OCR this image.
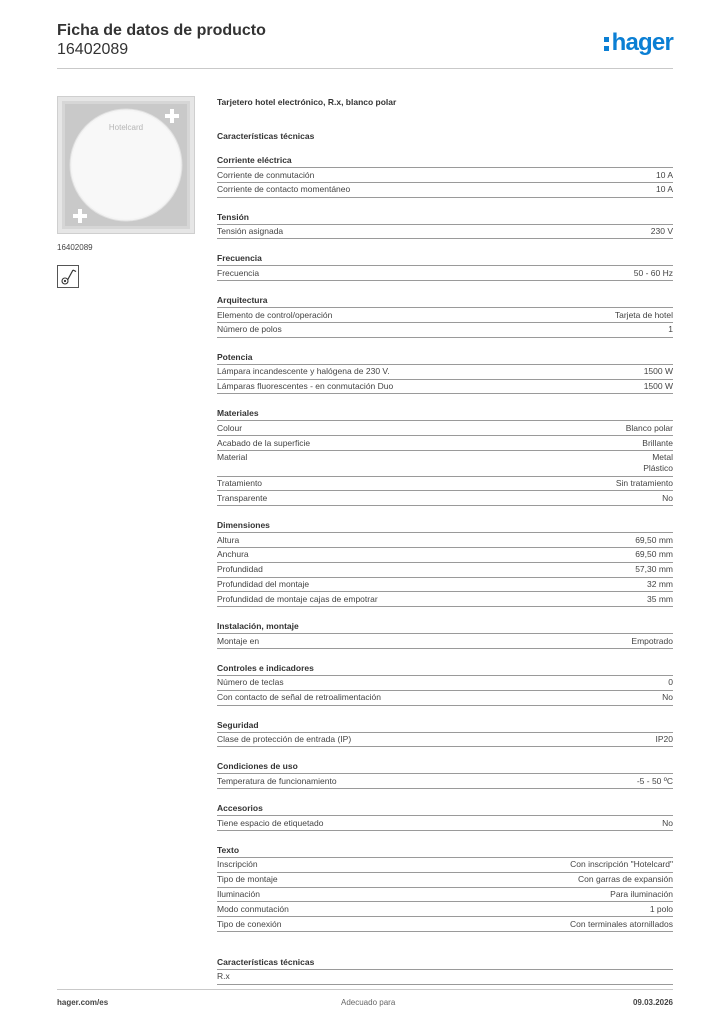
Ficha de datos de producto
16402089	hager
Hotelcard
16402089
Tarjetero hotel electrónico, R.x, blanco polar
Características técnicas
Corriente eléctrica
Corriente de conmutación	10 A
Corriente de contacto momentáneo	10 A
Tensión
Tensión asignada	230 V
Frecuencia
Frecuencia	50 - 60 Hz
Arquitectura
Elemento de control/operación	Tarjeta de hotel
Número de polos	1
Potencia
Lámpara incandescente y halógena de 230 V.	1500 W
Lámparas fluorescentes - en conmutación Duo	1500 W
Materiales
Colour	Blanco polar
Acabado de la superficie	Brillante
Material	Metal
Plástico
Tratamiento	Sin tratamiento
Transparente	No
Dimensiones
Altura	69,50 mm
Anchura	69,50 mm
Profundidad	57,30 mm
Profundidad del montaje	32 mm
Profundidad de montaje cajas de empotrar	35 mm
Instalación, montaje
Montaje en	Empotrado
Controles e indicadores
Número de teclas	0
Con contacto de señal de retroalimentación	No
Seguridad
Clase de protección de entrada (IP)	IP20
Condiciones de uso
Temperatura de funcionamiento	-5 - 50 ºC
Accesorios
Tiene espacio de etiquetado	No
Texto
Inscripción	Con inscripción "Hotelcard"
Tipo de montaje	Con garras de expansión
Iluminación	Para iluminación
Modo conmutación	1 polo
Tipo de conexión	Con terminales atornillados
Características técnicas
R.x
hager.com/es	Adecuado para	09.03.2026
